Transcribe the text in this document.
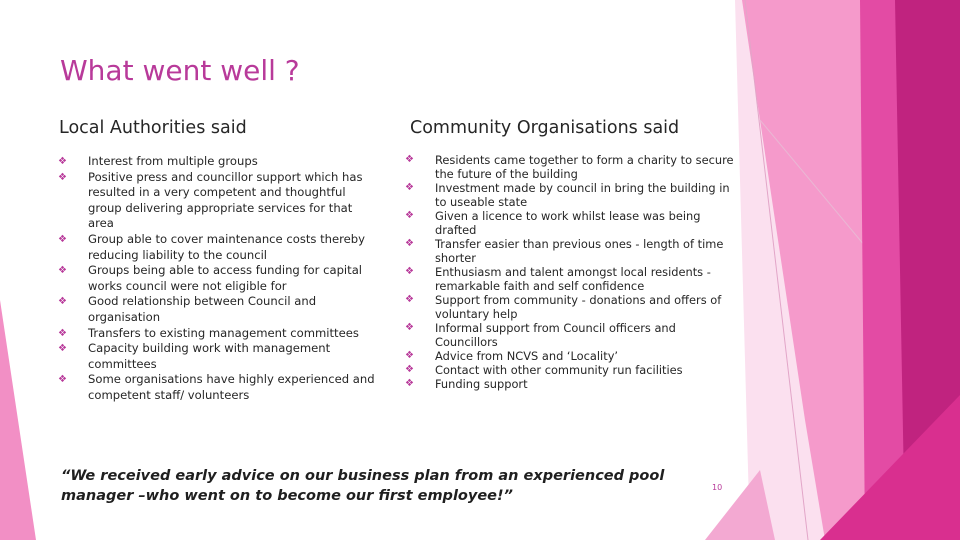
What went well ?
Local Authorities said	Community Organisations said
❖ Interest from multiple groups
❖ Positive press and councillor support which has resulted in a very competent and thoughtful group delivering appropriate services for that area
❖ Group able to cover maintenance costs thereby reducing liability to the council
❖ Groups being able to access funding for capital works council were not eligible for
❖ Good relationship between Council and organisation
❖ Transfers to existing management committees
❖ Capacity building work with management committees
❖ Some organisations have highly experienced and competent staff/ volunteers
❖ Residents came together to form a charity to secure the future of the building
❖ Investment made by council in bring the building in to useable state
❖ Given a licence to work whilst lease was being drafted
❖ Transfer easier than previous ones - length of time shorter
❖ Enthusiasm and talent amongst local residents - remarkable faith and self confidence
❖ Support from community - donations and offers of voluntary help
❖ Informal support from Council officers and Councillors
❖ Advice from NCVS and ‘Locality’
❖ Contact with other community run facilities
❖ Funding support

“We received early advice on our business plan from an experienced pool manager –who went on to become our first employee!”

10
